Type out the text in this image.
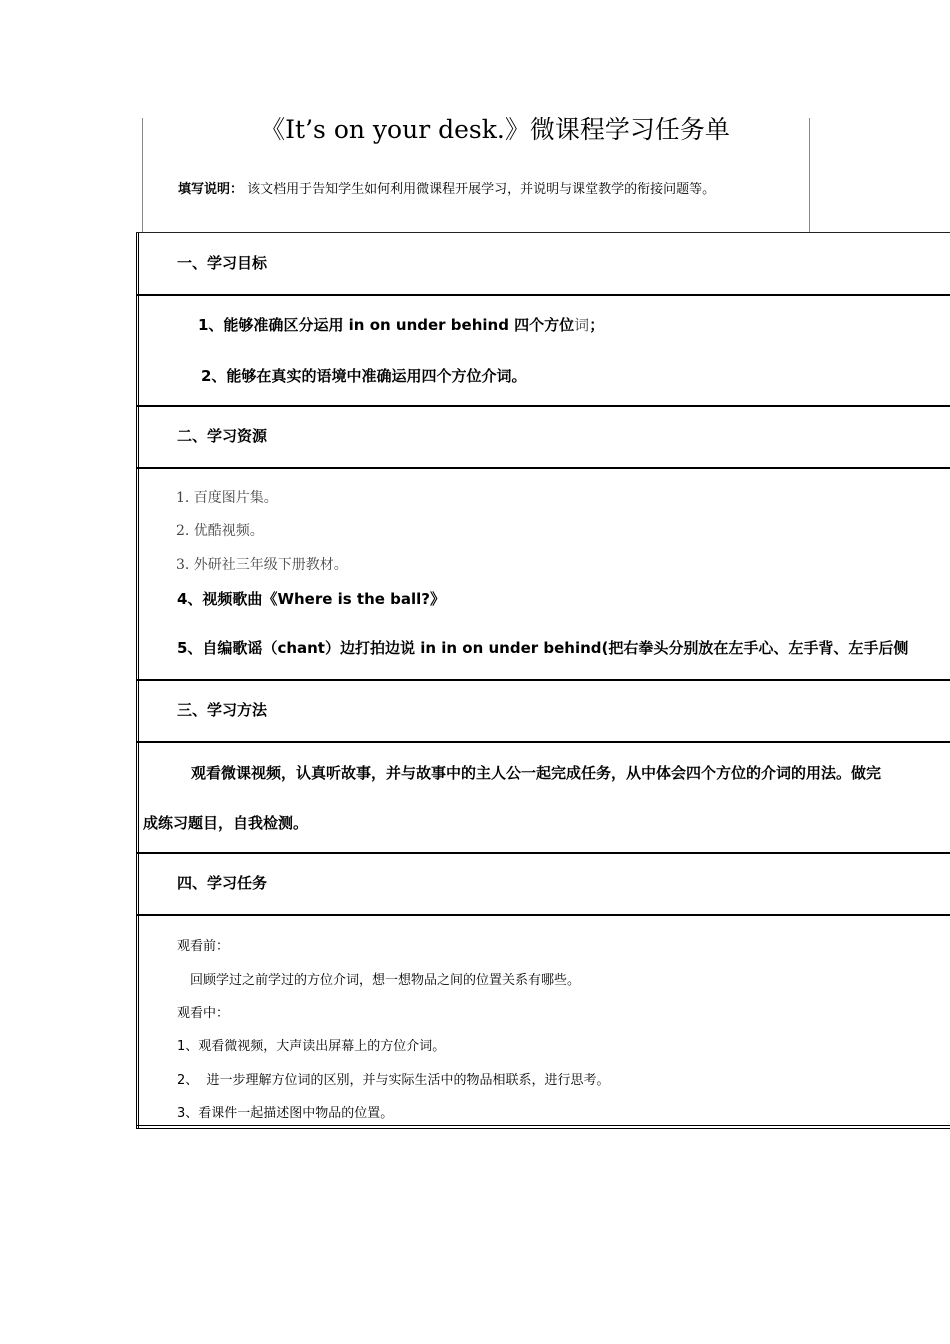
《It’s on your desk.》微课程学习任务单
填写说明： 该文档用于告知学生如何利用微课程开展学习，并说明与课堂教学的衔接问题等。
一、学习目标
1、能够准确区分运用 in on under behind 四个方位词；
2、能够在真实的语境中准确运用四个方位介词。
二、学习资源
1. 百度图片集。
2. 优酷视频。
3. 外研社三年级下册教材。
4、视频歌曲《Where is the ball?》
5、自编歌谣（chant）边打拍边说 in in on under behind(把右拳头分别放在左手心、左手背、左手后侧
三、学习方法
观看微课视频，认真听故事，并与故事中的主人公一起完成任务，从中体会四个方位的介词的用法。做完
成练习题目，自我检测。
四、学习任务
观看前：
回顾学过之前学过的方位介词，想一想物品之间的位置关系有哪些。
观看中：
1、观看微视频，大声读出屏幕上的方位介词。
2、  进一步理解方位词的区别，并与实际生活中的物品相联系，进行思考。
3、看课件一起描述图中物品的位置。
